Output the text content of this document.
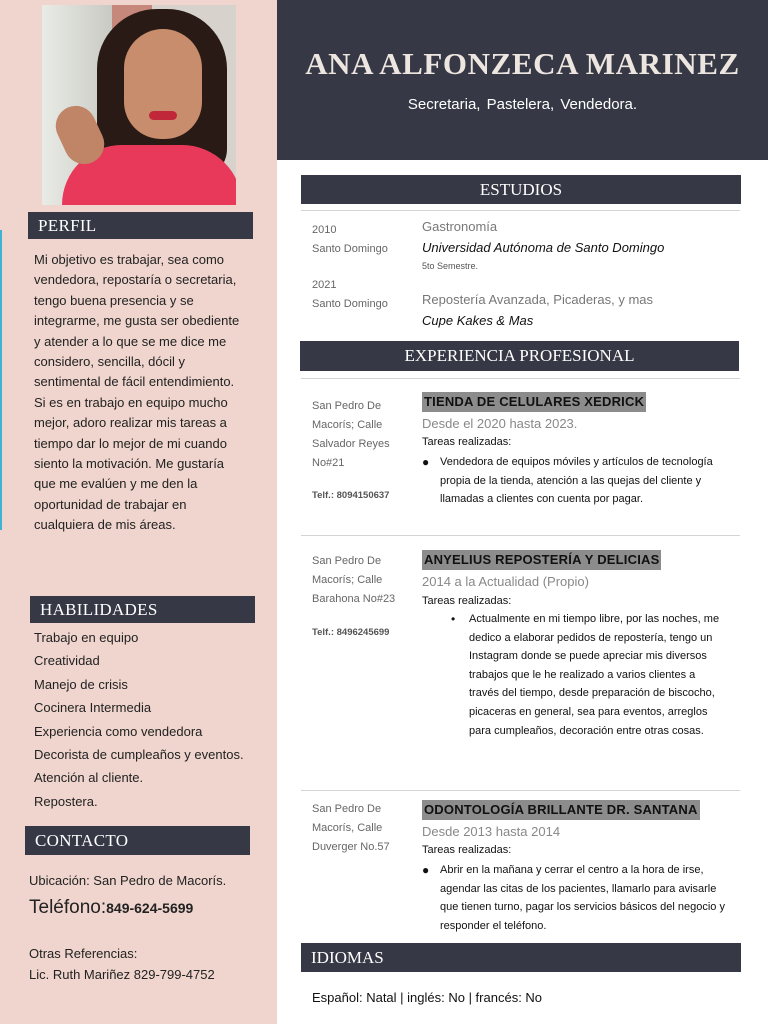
PERFIL
Mi objetivo es trabajar, sea como vendedora, repostaría o secretaria, tengo buena presencia y se integrarme, me gusta ser obediente y atender a lo que se me dice me considero, sencilla, dócil y sentimental de fácil entendimiento. Si es en trabajo en equipo mucho mejor, adoro realizar mis tareas a tiempo dar lo mejor de mi cuando siento la motivación. Me gustaría que me evalúen y me den la oportunidad de trabajar en cualquiera de mis áreas.
HABILIDADES
Trabajo en equipo
Creatividad
Manejo de crisis
Cocinera Intermedia
Experiencia como vendedora
Decorista de cumpleaños y eventos.
Atención al cliente.
Repostera.
CONTACTO
Ubicación: San Pedro de Macorís.
Teléfono:849-624-5699
Otras Referencias:
Lic. Ruth Mariñez 829-799-4752
ANA ALFONZECA MARINEZ
Secretaria, Pastelera, Vendedora.
ESTUDIOS
2010
Santo Domingo
Gastronomía
Universidad Autónoma de Santo Domingo
5to Semestre.
2021
Santo Domingo	Repostería Avanzada, Picaderas, y mas
Cupe Kakes & Mas
EXPERIENCIA PROFESIONAL
San Pedro De Macorís; Calle Salvador Reyes No#21
Telf.: 8094150637
TIENDA DE CELULARES XEDRICK
Desde el 2020 hasta 2023.
Tareas realizadas:
● Vendedora de equipos móviles y artículos de tecnología propia de la tienda, atención a las quejas del cliente y llamadas a clientes con cuenta por pagar.
San Pedro De Macorís; Calle Barahona No#23
Telf.: 8496245699
ANYELIUS REPOSTERÍA Y DELICIAS
2014 a la Actualidad (Propio)
Tareas realizadas:
• Actualmente en mi tiempo libre, por las noches, me dedico a elaborar pedidos de repostería, tengo un Instagram donde se puede apreciar mis diversos trabajos que le he realizado a varios clientes a través del tiempo, desde preparación de biscocho, picaceras en general, sea para eventos, arreglos para cumpleaños, decoración entre otras cosas.
San Pedro De Macorís, Calle Duverger No.57
ODONTOLOGÍA BRILLANTE DR. SANTANA
Desde 2013 hasta 2014
Tareas realizadas:
● Abrir en la mañana y cerrar el centro a la hora de irse, agendar las citas de los pacientes, llamarlo para avisarle que tienen turno, pagar los servicios básicos del negocio y responder el teléfono.
IDIOMAS
Español: Natal | inglés: No | francés: No
